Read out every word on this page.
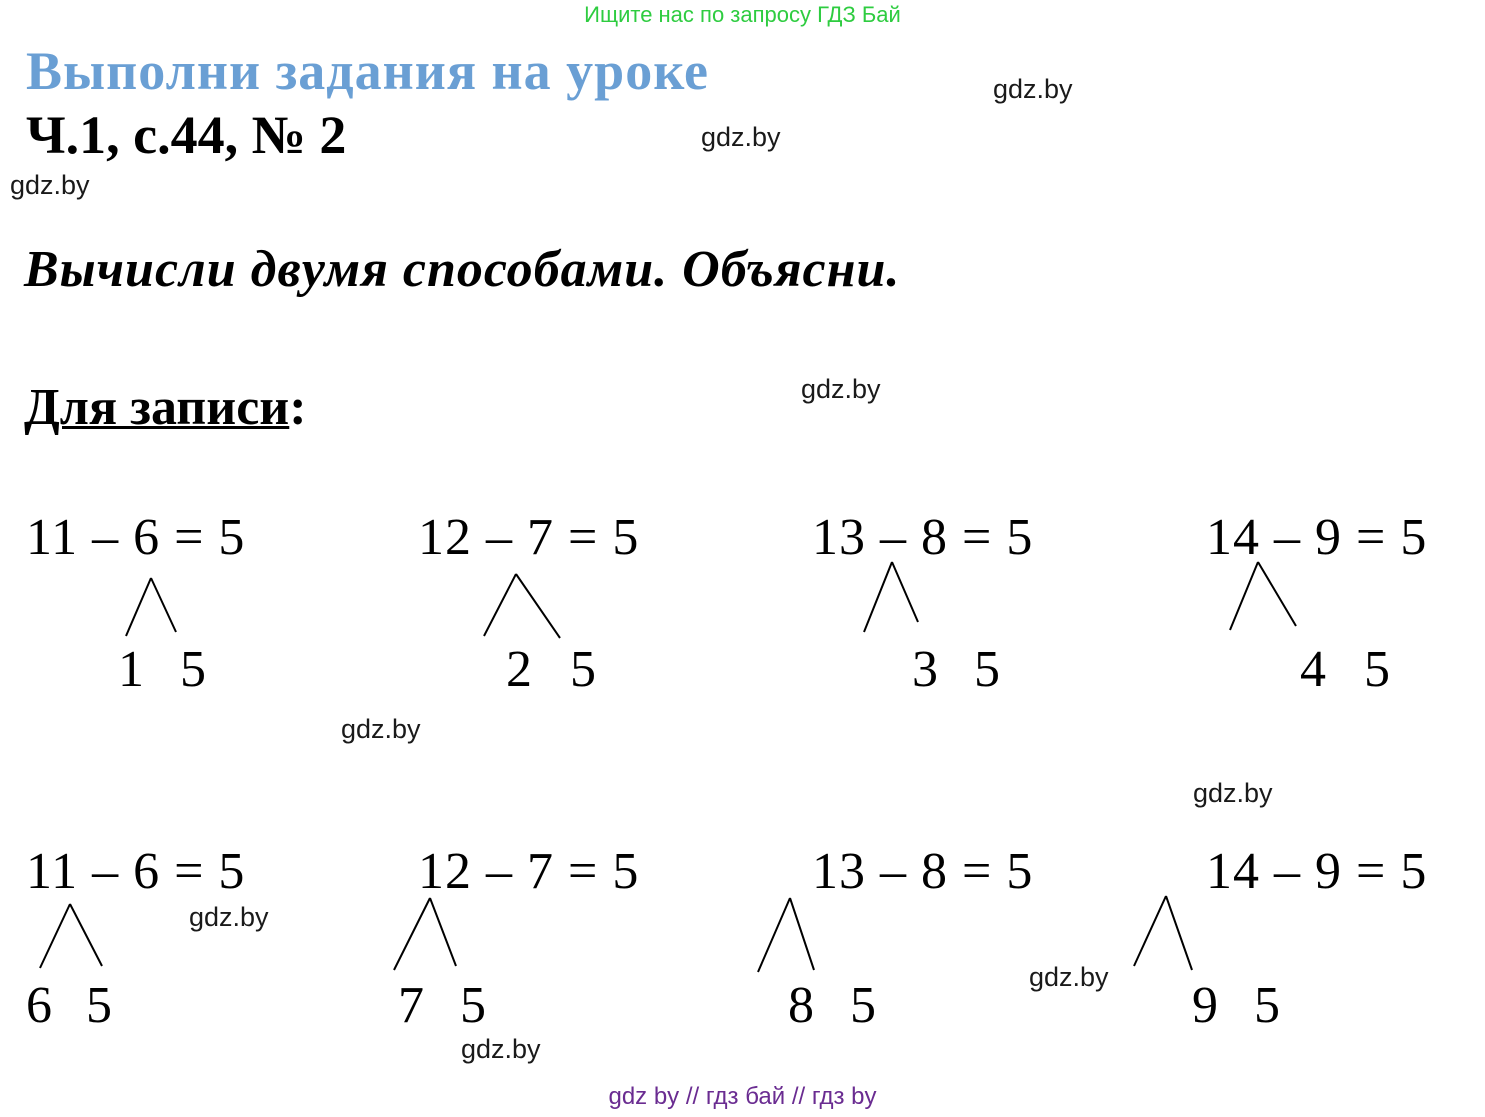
Ищите нас по запросу ГДЗ Бай
Выполни задания на уроке
Ч.1, с.44, № 2
Вычисли двумя способами. Объясни.
Для записи:
gdz.by
gdz.by
gdz.by
gdz.by
gdz.by
gdz.by
gdz.by
gdz.by
gdz.by
11 – 6 = 5	12 – 7 = 5	13 – 8 = 5	14 – 9 = 5
1 5	2 5	3 5	4 5
11 – 6 = 5	12 – 7 = 5	13 – 8 = 5	14 – 9 = 5
6 5	7 5	8 5	9 5
gdz by // гдз бай // гдз by
